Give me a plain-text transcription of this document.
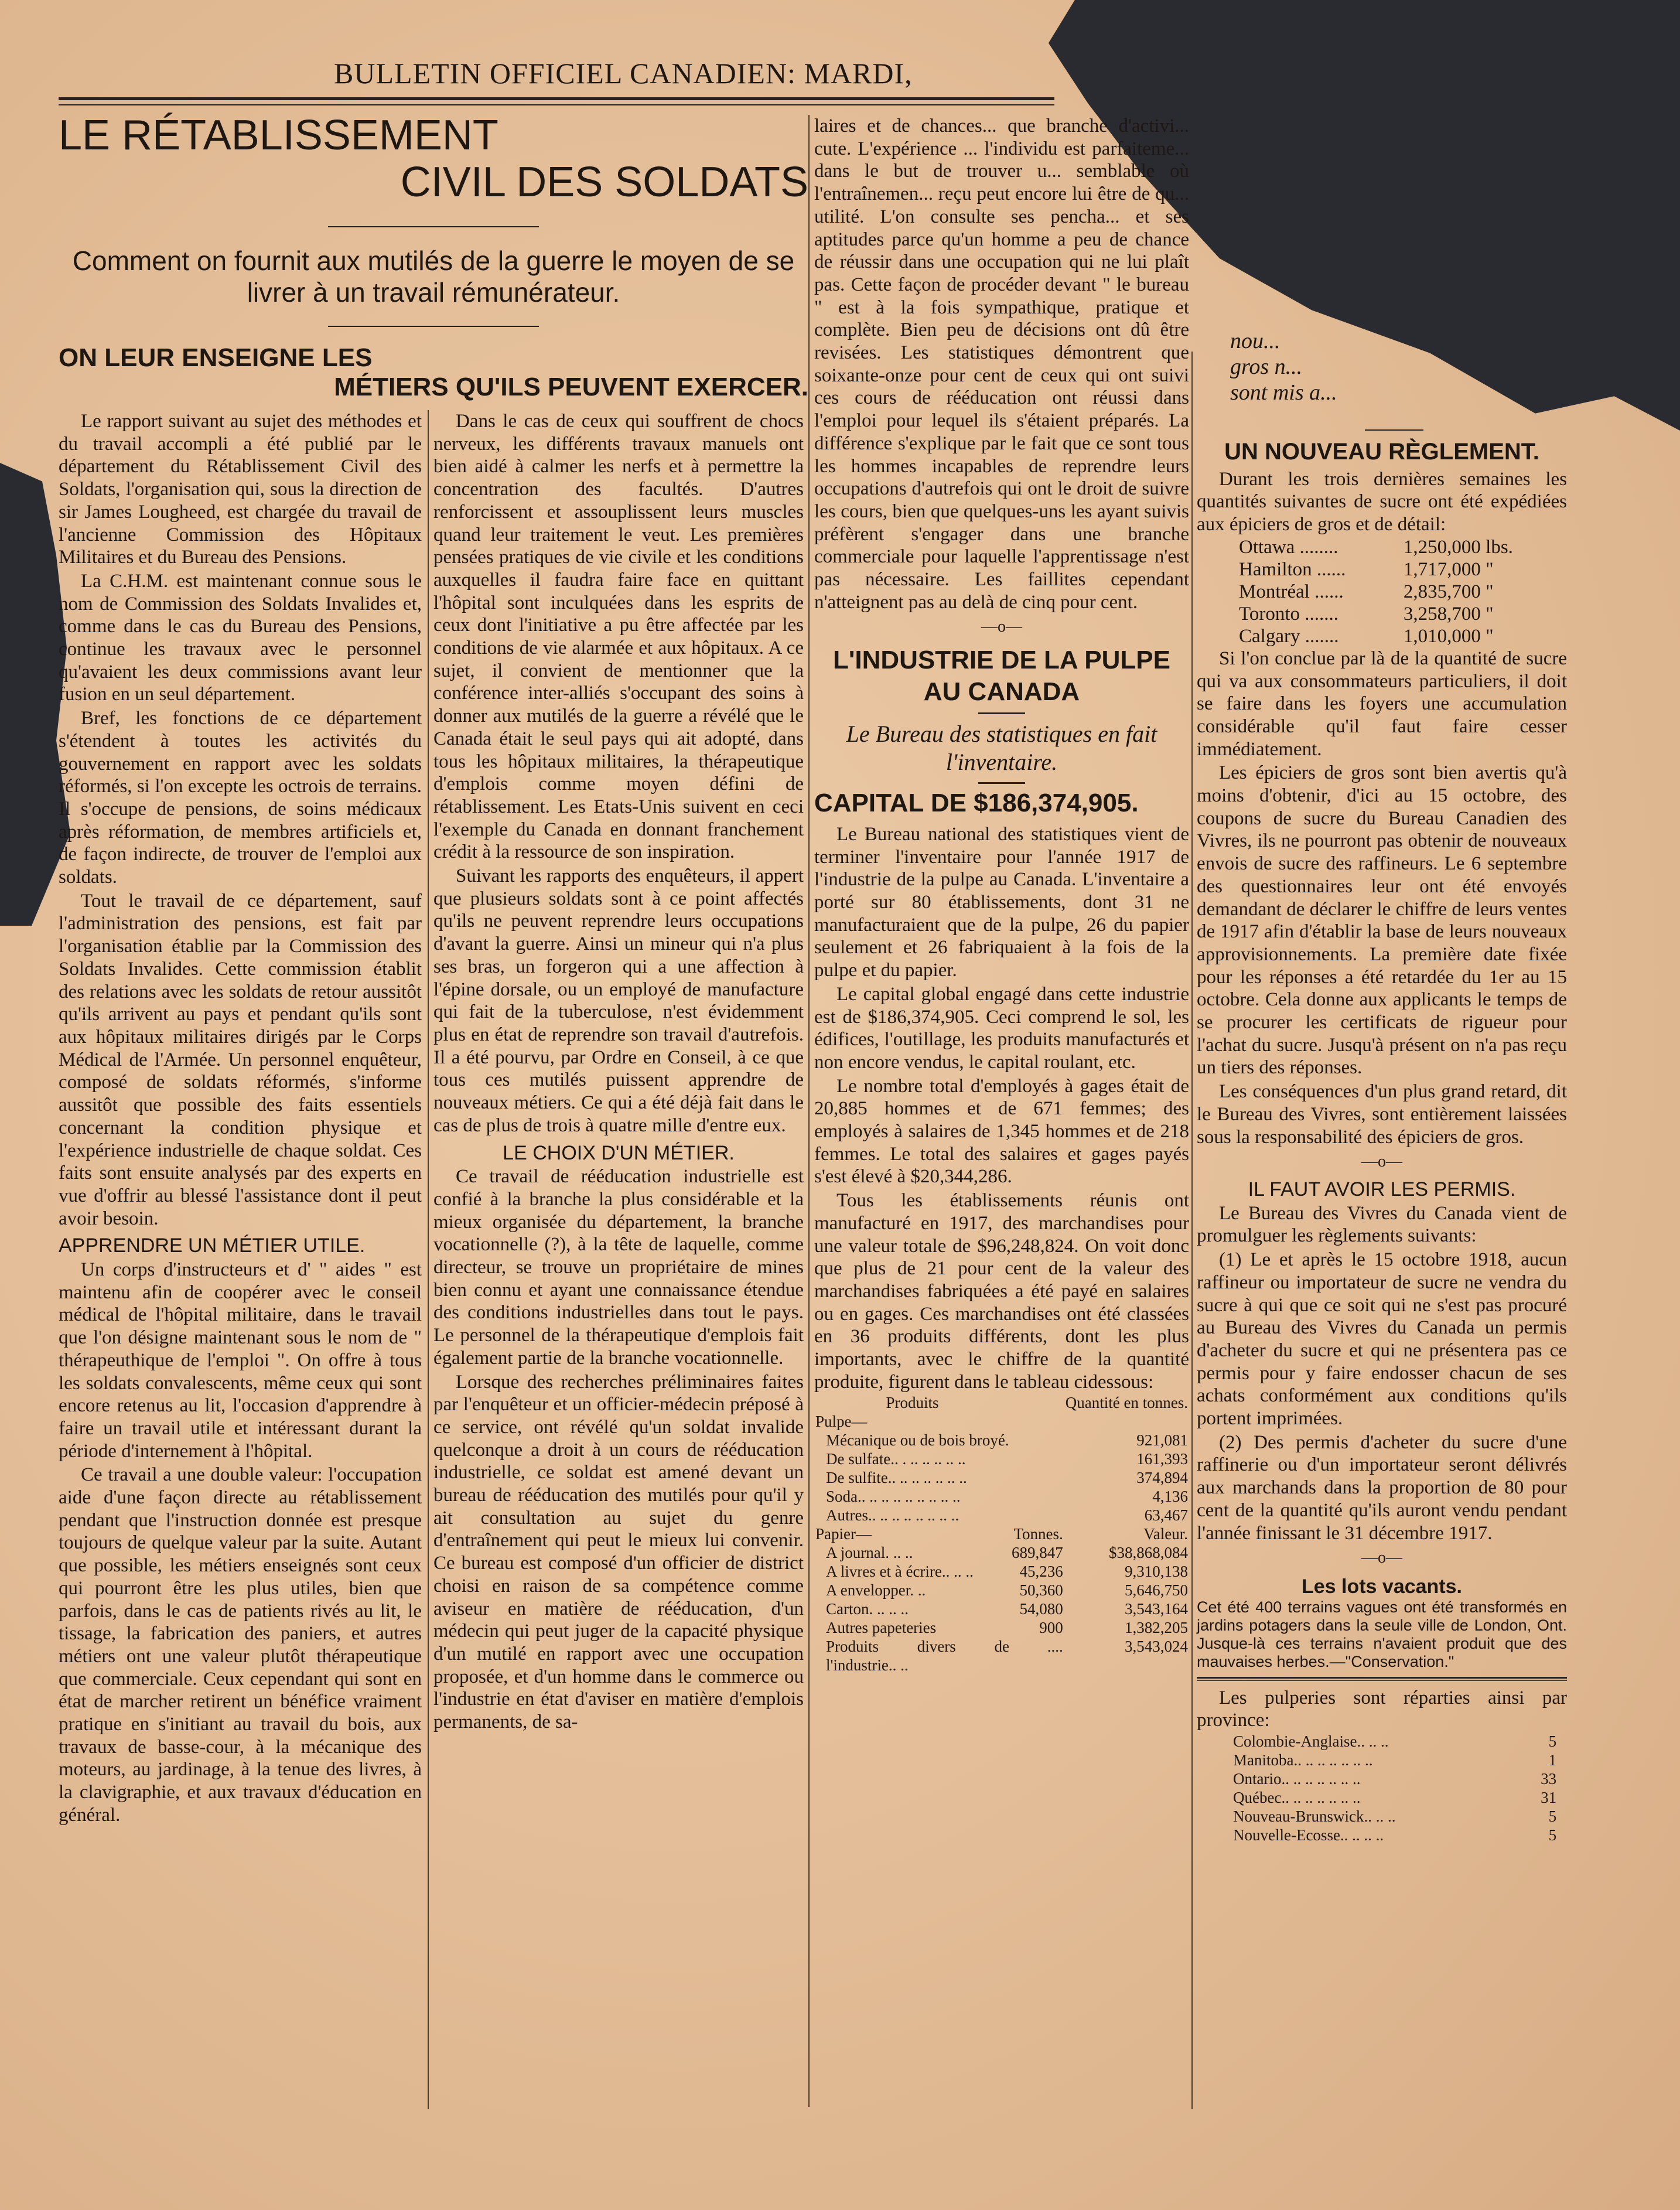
BULLETIN OFFICIEL CANADIEN: MARDI,
LE RÉTABLISSEMENT
CIVIL DES SOLDATS
Comment on fournit aux mutilés de la guerre le moyen de se livrer à un travail rémunérateur.
ON LEUR ENSEIGNE LES
MÉTIERS QU'ILS PEUVENT EXERCER.

Le rapport suivant au sujet des méthodes et du travail accompli a été publié par le département du Rétablissement Civil des Soldats, l'organisation qui, sous la direction de sir James Lougheed, est chargée du travail de l'ancienne Commission des Hôpitaux Militaires et du Bureau des Pensions.

La C.H.M. est maintenant connue sous le nom de Commission des Soldats Invalides et, comme dans le cas du Bureau des Pensions, continue les travaux avec le personnel qu'avaient les deux commissions avant leur fusion en un seul département.

Bref, les fonctions de ce département s'étendent à toutes les activités du gouvernement en rapport avec les soldats réformés, si l'on excepte les octrois de terrains. Il s'occupe de pensions, de soins médicaux après réformation, de membres artificiels et, de façon indirecte, de trouver de l'emploi aux soldats.

Tout le travail de ce département, sauf l'administration des pensions, est fait par l'organisation établie par la Commission des Soldats Invalides. Cette commission établit des relations avec les soldats de retour aussitôt qu'ils arrivent au pays et pendant qu'ils sont aux hôpitaux militaires dirigés par le Corps Médical de l'Armée. Un personnel enquêteur, composé de soldats réformés, s'informe aussitôt que possible des faits essentiels concernant la condition physique et l'expérience industrielle de chaque soldat. Ces faits sont ensuite analysés par des experts en vue d'offrir au blessé l'assistance dont il peut avoir besoin.

APPRENDRE UN MÉTIER UTILE.

Un corps d'instructeurs et d' " aides " est maintenu afin de coopérer avec le conseil médical de l'hôpital militaire, dans le travail que l'on désigne maintenant sous le nom de " thérapeuthique de l'emploi ". On offre à tous les soldats convalescents, même ceux qui sont encore retenus au lit, l'occasion d'apprendre à faire un travail utile et intéressant durant la période d'internement à l'hôpital.

Ce travail a une double valeur: l'occupation aide d'une façon directe au rétablissement pendant que l'instruction donnée est presque toujours de quelque valeur par la suite. Autant que possible, les métiers enseignés sont ceux qui pourront être les plus utiles, bien que parfois, dans le cas de patients rivés au lit, le tissage, la fabrication des paniers, et autres métiers ont une valeur plutôt thérapeutique que commerciale. Ceux cependant qui sont en état de marcher retirent un bénéfice vraiment pratique en s'initiant au travail du bois, aux travaux de basse-cour, à la mécanique des moteurs, au jardinage, à la tenue des livres, à la clavigraphie, et aux travaux d'éducation en général.

Dans le cas de ceux qui souffrent de chocs nerveux, les différents travaux manuels ont bien aidé à calmer les nerfs et à permettre la concentration des facultés. D'autres renforcissent et assouplissent leurs muscles quand leur traitement le veut. Les premières pensées pratiques de vie civile et les conditions auxquelles il faudra faire face en quittant l'hôpital sont inculquées dans les esprits de ceux dont l'initiative a pu être affectée par les conditions de vie alarmée et aux hôpitaux. A ce sujet, il convient de mentionner que la conférence inter-alliés s'occupant des soins à donner aux mutilés de la guerre a révélé que le Canada était le seul pays qui ait adopté, dans tous les hôpitaux militaires, la thérapeutique d'emplois comme moyen défini de rétablissement. Les Etats-Unis suivent en ceci l'exemple du Canada en donnant franchement crédit à la ressource de son inspiration.

Suivant les rapports des enquêteurs, il appert que plusieurs soldats sont à ce point affectés qu'ils ne peuvent reprendre leurs occupations d'avant la guerre. Ainsi un mineur qui n'a plus ses bras, un forgeron qui a une affection à l'épine dorsale, ou un employé de manufacture qui fait de la tuberculose, n'est évidemment plus en état de reprendre son travail d'autrefois. Il a été pourvu, par Ordre en Conseil, à ce que tous ces mutilés puissent apprendre de nouveaux métiers. Ce qui a été déjà fait dans le cas de plus de trois à quatre mille d'entre eux.

LE CHOIX D'UN MÉTIER.

Ce travail de rééducation industrielle est confié à la branche la plus considérable et la mieux organisée du département, la branche vocationnelle (?), à la tête de laquelle, comme directeur, se trouve un propriétaire de mines bien connu et ayant une connaissance étendue des conditions industrielles dans tout le pays. Le personnel de la thérapeutique d'emplois fait également partie de la branche vocationnelle.

Lorsque des recherches préliminaires faites par l'enquêteur et un officier-médecin préposé à ce service, ont révélé qu'un soldat invalide quelconque a droit à un cours de rééducation industrielle, ce soldat est amené devant un bureau de rééducation des mutilés pour qu'il y ait consultation au sujet du genre d'entraînement qui peut le mieux lui convenir. Ce bureau est composé d'un officier de district choisi en raison de sa compétence comme aviseur en matière de rééducation, d'un médecin qui peut juger de la capacité physique d'un mutilé en rapport avec une occupation proposée, et d'un homme dans le commerce ou l'industrie en état d'aviser en matière d'emplois permanents, de sa-

laires et de chances... que branche d'activi... cute. L'expérience ... l'individu est parfaiteme... dans le but de trouver u... semblable où l'entraînemen... reçu peut encore lui être de qu... utilité. L'on consulte ses pencha... et ses aptitudes parce qu'un homme a peu de chance de réussir dans une occupation qui ne lui plaît pas. Cette façon de procéder devant " le bureau " est à la fois sympathique, pratique et complète. Bien peu de décisions ont dû être revisées. Les statistiques démontrent que soixante-onze pour cent de ceux qui ont suivi ces cours de rééducation ont réussi dans l'emploi pour lequel ils s'étaient préparés. La différence s'explique par le fait que ce sont tous les hommes incapables de reprendre leurs occupations d'autrefois qui ont le droit de suivre les cours, bien que quelques-uns les ayant suivis préfèrent s'engager dans une branche commerciale pour laquelle l'apprentissage n'est pas nécessaire. Les faillites cependant n'atteignent pas au delà de cinq pour cent.

—o—
L'INDUSTRIE DE LA PULPE AU CANADA
Le Bureau des statistiques en fait l'inventaire.
CAPITAL DE $186,374,905.

Le Bureau national des statistiques vient de terminer l'inventaire pour l'année 1917 de l'industrie de la pulpe au Canada. L'inventaire a porté sur 80 établissements, dont 31 ne manufacturaient que de la pulpe, 26 du papier seulement et 26 fabriquaient à la fois de la pulpe et du papier.

Le capital global engagé dans cette industrie est de $186,374,905. Ceci comprend le sol, les édifices, l'outillage, les produits manufacturés et non encore vendus, le capital roulant, etc.

Le nombre total d'employés à gages était de 20,885 hommes et de 671 femmes; des employés à salaires de 1,345 hommes et de 218 femmes. Le total des salaires et gages payés s'est élevé à $20,344,286.

Tous les établissements réunis ont manufacturé en 1917, des marchandises pour une valeur totale de $96,248,824. On voit donc que plus de 21 pour cent de la valeur des marchandises fabriquées a été payé en salaires ou en gages. Ces marchandises ont été classées en 36 produits différents, dont les plus importants, avec le chiffre de la quantité produite, figurent dans le tableau cidessous:

Produits		Quantité en tonnes.
Pulpe—		
Mécanique ou de bois broyé.		921,081
De sulfate.. . .. .. .. .. ..		161,393
De sulfite.. .. .. .. .. .. ..		374,894
Soda.. .. .. .. .. .. .. .. ..		4,136
Autres.. .. .. .. .. .. .. ..		63,467
Papier—	Tonnes.	Valeur.
A journal. .. ..	689,847	$38,868,084
A livres et à écrire.. .. ..	45,236	9,310,138
A envelopper. ..	50,360	5,646,750
Carton. .. .. ..	54,080	3,543,164
Autres papeteries	900	1,382,205
Produits divers de l'industrie.. ..	....	3,543,024
nou...
gros n...
sont mis a...
UN NOUVEAU RÈGLEMENT.

Durant les trois dernières semaines les quantités suivantes de sucre ont été expédiées aux épiciers de gros et de détail:

Ottawa ........	1,250,000 lbs.
Hamilton ......	1,717,000 "
Montréal ......	2,835,700 "
Toronto .......	3,258,700 "
Calgary .......	1,010,000 "

Si l'on conclue par là de la quantité de sucre qui va aux consommateurs particuliers, il doit se faire dans les foyers une accumulation considérable qu'il faut faire cesser immédiatement.

Les épiciers de gros sont bien avertis qu'à moins d'obtenir, d'ici au 15 octobre, des coupons de sucre du Bureau Canadien des Vivres, ils ne pourront pas obtenir de nouveaux envois de sucre des raffineurs. Le 6 septembre des questionnaires leur ont été envoyés demandant de déclarer le chiffre de leurs ventes de 1917 afin d'établir la base de leurs nouveaux approvisionnements. La première date fixée pour les réponses a été retardée du 1er au 15 octobre. Cela donne aux applicants le temps de se procurer les certificats de rigueur pour l'achat du sucre. Jusqu'à présent on n'a pas reçu un tiers des réponses.

Les conséquences d'un plus grand retard, dit le Bureau des Vivres, sont entièrement laissées sous la responsabilité des épiciers de gros.

—o—
IL FAUT AVOIR LES PERMIS.

Le Bureau des Vivres du Canada vient de promulguer les règlements suivants:

(1) Le et après le 15 octobre 1918, aucun raffineur ou importateur de sucre ne vendra du sucre à qui que ce soit qui ne s'est pas procuré au Bureau des Vivres du Canada un permis d'acheter du sucre et qui ne présentera pas ce permis pour y faire endosser chacun de ses achats conformément aux conditions qu'ils portent imprimées.

(2) Des permis d'acheter du sucre d'une raffinerie ou d'un importateur seront délivrés aux marchands dans la proportion de 80 pour cent de la quantité qu'ils auront vendu pendant l'année finissant le 31 décembre 1917.

—o—
Les lots vacants.
Cet été 400 terrains vagues ont été transformés en jardins potagers dans la seule ville de London, Ont. Jusque-là ces terrains n'avaient produit que des mauvaises herbes.—"Conservation."

Les pulperies sont réparties ainsi par province:

Colombie-Anglaise.. .. ..	5
Manitoba.. .. .. .. .. .. ..	1
Ontario.. .. .. .. .. .. ..	33
Québec.. .. .. .. .. .. ..	31
Nouveau-Brunswick.. .. ..	5
Nouvelle-Ecosse.. .. .. ..	5
